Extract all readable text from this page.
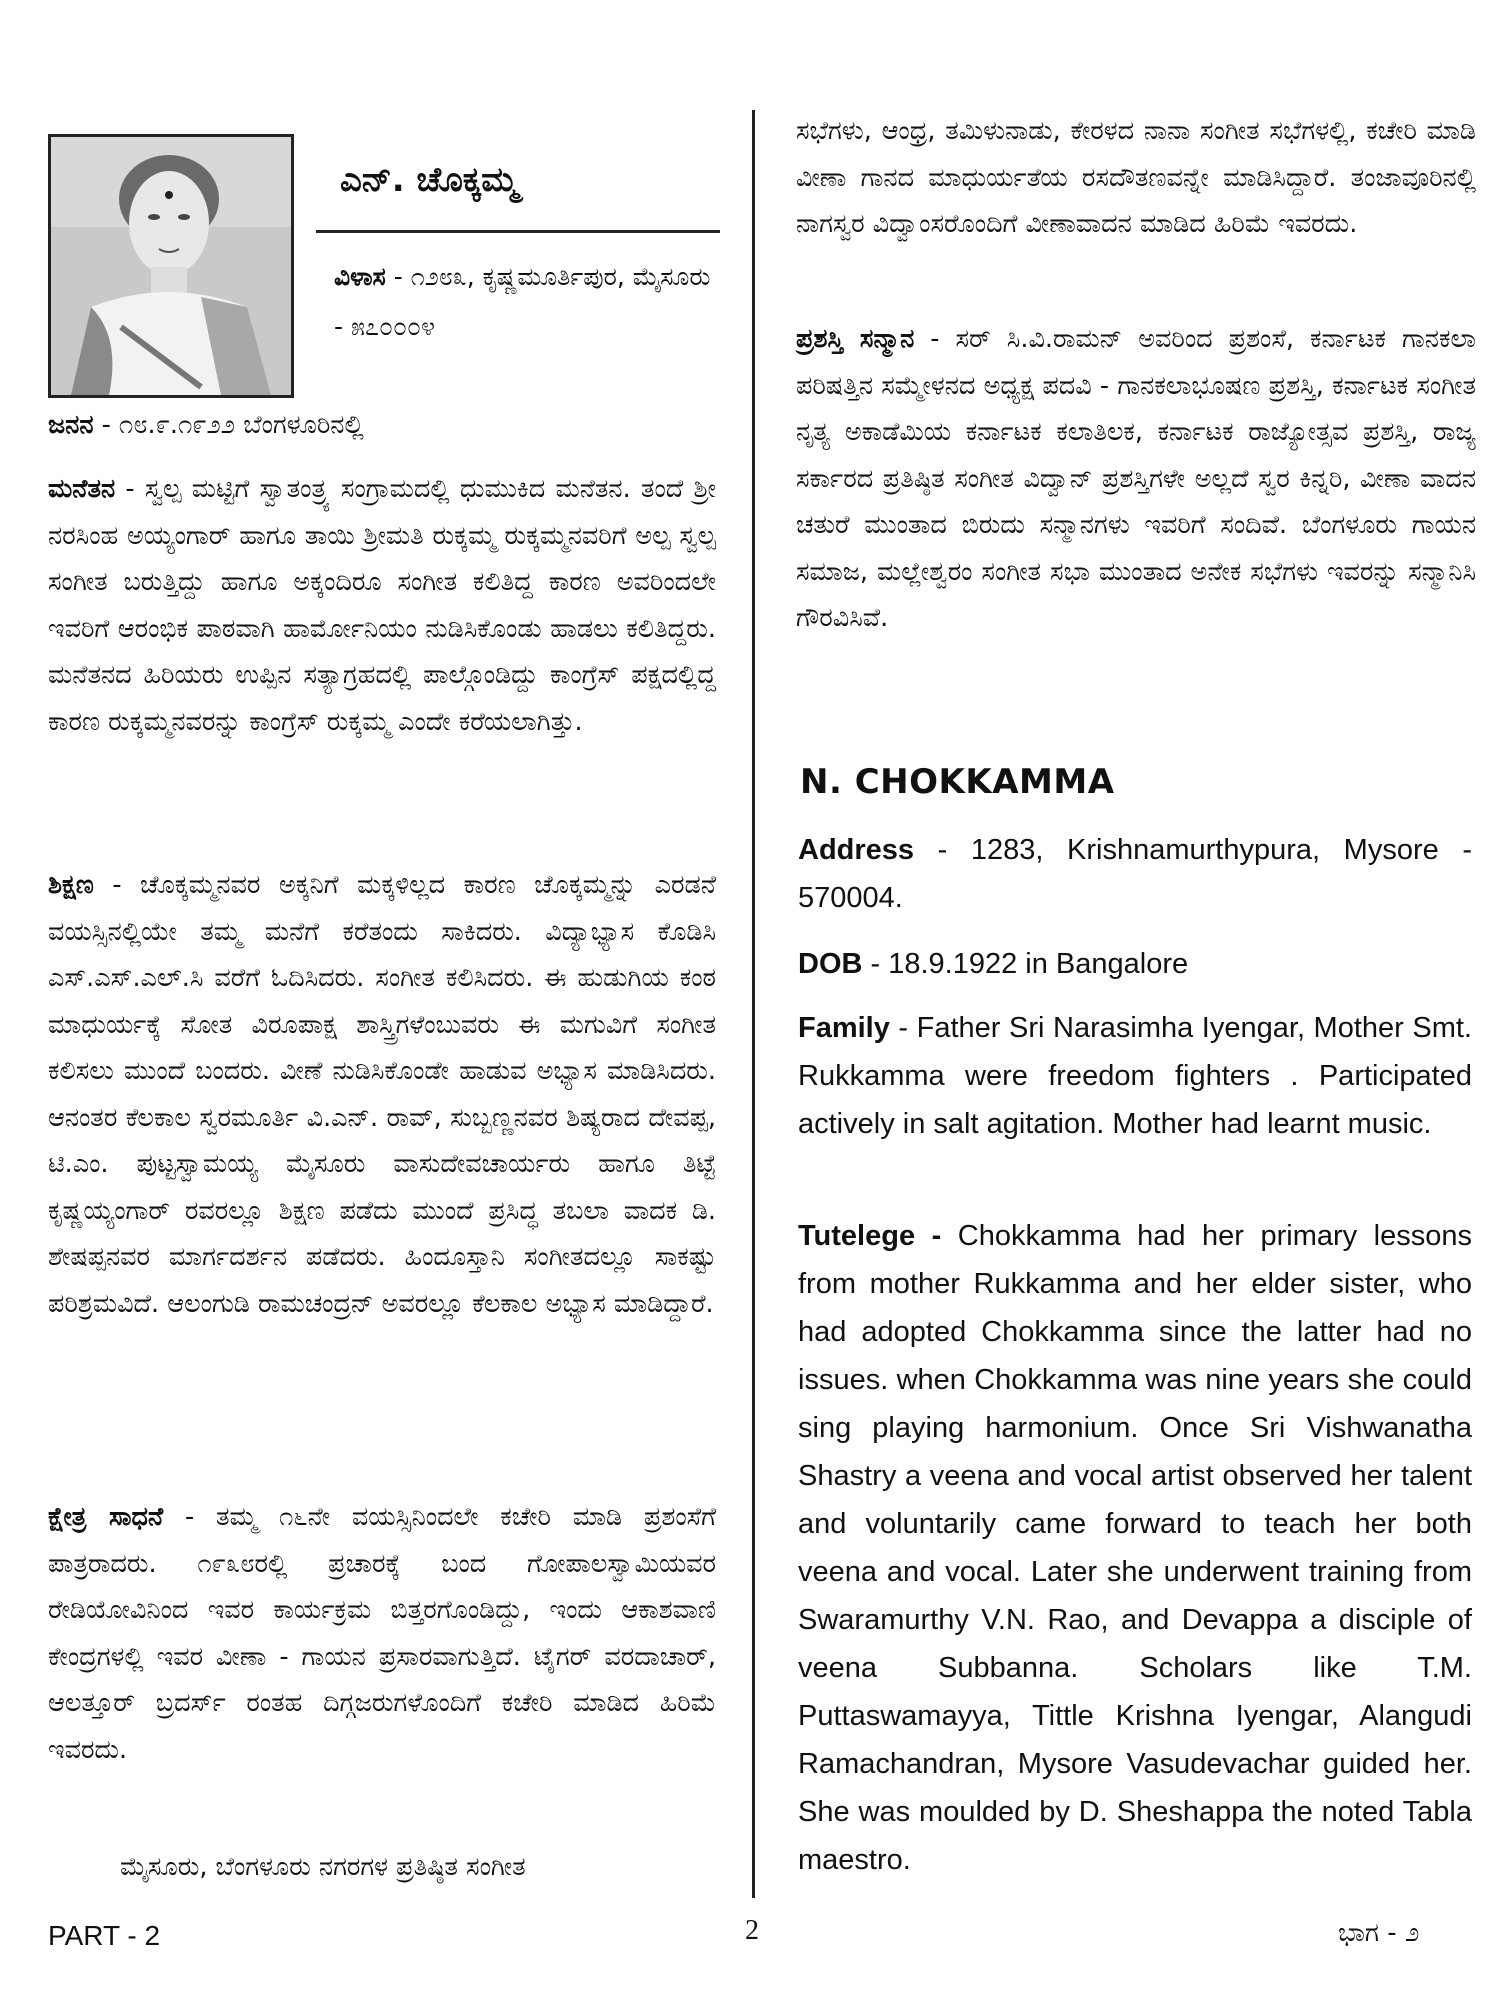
ಎನ್. ಚೊಕ್ಕಮ್ಮ
ವಿಳಾಸ - ೧೨೮೩, ಕೃಷ್ಣಮೂರ್ತಿಪುರ, ಮೈಸೂರು - ೫೭೦೦೦೪
ಜನನ - ೧೮.೯.೧೯೨೨ ಬೆಂಗಳೂರಿನಲ್ಲಿ
ಮನೆತನ - ಸ್ವಲ್ಪ ಮಟ್ಟಿಗೆ ಸ್ವಾತಂತ್ರ್ಯ ಸಂಗ್ರಾಮದಲ್ಲಿ ಧುಮುಕಿದ ಮನೆತನ. ತಂದೆ ಶ್ರೀ ನರಸಿಂಹ ಅಯ್ಯಂಗಾರ್ ಹಾಗೂ ತಾಯಿ ಶ್ರೀಮತಿ ರುಕ್ಕಮ್ಮ ರುಕ್ಕಮ್ಮನವರಿಗೆ ಅಲ್ಪ ಸ್ವಲ್ಪ ಸಂಗೀತ ಬರುತ್ತಿದ್ದು ಹಾಗೂ ಅಕ್ಕಂದಿರೂ ಸಂಗೀತ ಕಲಿತಿದ್ದ ಕಾರಣ ಅವರಿಂದಲೇ ಇವರಿಗೆ ಆರಂಭಿಕ ಪಾಠವಾಗಿ ಹಾರ್ಮೋನಿಯಂ ನುಡಿಸಿಕೊಂಡು ಹಾಡಲು ಕಲಿತಿದ್ದರು. ಮನೆತನದ ಹಿರಿಯರು ಉಪ್ಪಿನ ಸತ್ಯಾಗ್ರಹದಲ್ಲಿ ಪಾಲ್ಗೊಂಡಿದ್ದು ಕಾಂಗ್ರೆಸ್ ಪಕ್ಷದಲ್ಲಿದ್ದ ಕಾರಣ ರುಕ್ಕಮ್ಮನವರನ್ನು ಕಾಂಗ್ರೆಸ್ ರುಕ್ಕಮ್ಮ ಎಂದೇ ಕರೆಯಲಾಗಿತ್ತು.
ಶಿಕ್ಷಣ - ಚೊಕ್ಕಮ್ಮನವರ ಅಕ್ಕನಿಗೆ ಮಕ್ಕಳಿಲ್ಲದ ಕಾರಣ ಚೊಕ್ಕಮ್ಮನ್ನು ಎರಡನೆ ವಯಸ್ಸಿನಲ್ಲಿಯೇ ತಮ್ಮ ಮನೆಗೆ ಕರೆತಂದು ಸಾಕಿದರು. ವಿದ್ಯಾಭ್ಯಾಸ ಕೊಡಿಸಿ ಎಸ್.ಎಸ್.ಎಲ್.ಸಿ ವರೆಗೆ ಓದಿಸಿದರು. ಸಂಗೀತ ಕಲಿಸಿದರು. ಈ ಹುಡುಗಿಯ ಕಂಠ ಮಾಧುರ್ಯಕ್ಕೆ ಸೋತ ವಿರೂಪಾಕ್ಷ ಶಾಸ್ತ್ರಿಗಳೆಂಬುವರು ಈ ಮಗುವಿಗೆ ಸಂಗೀತ ಕಲಿಸಲು ಮುಂದೆ ಬಂದರು. ವೀಣೆ ನುಡಿಸಿಕೊಂಡೇ ಹಾಡುವ ಅಭ್ಯಾಸ ಮಾಡಿಸಿದರು. ಆನಂತರ ಕೆಲಕಾಲ ಸ್ವರಮೂರ್ತಿ ವಿ.ಎನ್. ರಾವ್, ಸುಬ್ಬಣ್ಣನವರ ಶಿಷ್ಯರಾದ ದೇವಪ್ಪ, ಟಿ.ಎಂ. ಪುಟ್ಟಸ್ವಾಮಯ್ಯ ಮೈಸೂರು ವಾಸುದೇವಚಾರ್ಯರು ಹಾಗೂ ತಿಟ್ಟೆ ಕೃಷ್ಣಯ್ಯಂಗಾರ್ ರವರಲ್ಲೂ ಶಿಕ್ಷಣ ಪಡೆದು ಮುಂದೆ ಪ್ರಸಿದ್ಧ ತಬಲಾ ವಾದಕ ಡಿ. ಶೇಷಪ್ಪನವರ ಮಾರ್ಗದರ್ಶನ ಪಡೆದರು. ಹಿಂದೂಸ್ತಾನಿ ಸಂಗೀತದಲ್ಲೂ ಸಾಕಷ್ಟು ಪರಿಶ್ರಮವಿದೆ. ಆಲಂಗುಡಿ ರಾಮಚಂದ್ರನ್ ಅವರಲ್ಲೂ ಕೆಲಕಾಲ ಅಭ್ಯಾಸ ಮಾಡಿದ್ದಾರೆ.
ಕ್ಷೇತ್ರ ಸಾಧನೆ - ತಮ್ಮ ೧೬ನೇ ವಯಸ್ಸಿನಿಂದಲೇ ಕಚೇರಿ ಮಾಡಿ ಪ್ರಶಂಸೆಗೆ ಪಾತ್ರರಾದರು. ೧೯೩೮ರಲ್ಲಿ ಪ್ರಚಾರಕ್ಕೆ ಬಂದ ಗೋಪಾಲಸ್ವಾಮಿಯವರ ರೇಡಿಯೋವಿನಿಂದ ಇವರ ಕಾರ್ಯಕ್ರಮ ಬಿತ್ತರಗೊಂಡಿದ್ದು, ಇಂದು ಆಕಾಶವಾಣಿ ಕೇಂದ್ರಗಳಲ್ಲಿ ಇವರ ವೀಣಾ - ಗಾಯನ ಪ್ರಸಾರವಾಗುತ್ತಿದೆ. ಟೈಗರ್ ವರದಾಚಾರ್, ಆಲತ್ತೂರ್ ಬ್ರದರ್ಸ್ ರಂತಹ ದಿಗ್ಗಜರುಗಳೊಂದಿಗೆ ಕಚೇರಿ ಮಾಡಿದ ಹಿರಿಮೆ ಇವರದು.
ಮೈಸೂರು, ಬೆಂಗಳೂರು ನಗರಗಳ ಪ್ರತಿಷ್ಠಿತ ಸಂಗೀತ
ಸಭೆಗಳು, ಆಂಧ್ರ, ತಮಿಳುನಾಡು, ಕೇರಳದ ನಾನಾ ಸಂಗೀತ ಸಭೆಗಳಲ್ಲಿ, ಕಚೇರಿ ಮಾಡಿ ವೀಣಾ ಗಾನದ ಮಾಧುರ್ಯತೆಯ ರಸದೌತಣವನ್ನೇ ಮಾಡಿಸಿದ್ದಾರೆ. ತಂಜಾವೂರಿನಲ್ಲಿ ನಾಗಸ್ವರ ವಿದ್ವಾಂಸರೊಂದಿಗೆ ವೀಣಾವಾದನ ಮಾಡಿದ ಹಿರಿಮೆ ಇವರದು.
ಪ್ರಶಸ್ತಿ ಸನ್ಮಾನ - ಸರ್ ಸಿ.ವಿ.ರಾಮನ್ ಅವರಿಂದ ಪ್ರಶಂಸೆ, ಕರ್ನಾಟಕ ಗಾನಕಲಾ ಪರಿಷತ್ತಿನ ಸಮ್ಮೇಳನದ ಅಧ್ಯಕ್ಷ ಪದವಿ - ಗಾನಕಲಾಭೂಷಣ ಪ್ರಶಸ್ತಿ, ಕರ್ನಾಟಕ ಸಂಗೀತ ನೃತ್ಯ ಅಕಾಡೆಮಿಯ ಕರ್ನಾಟಕ ಕಲಾತಿಲಕ, ಕರ್ನಾಟಕ ರಾಜ್ಯೋತ್ಸವ ಪ್ರಶಸ್ತಿ, ರಾಜ್ಯ ಸರ್ಕಾರದ ಪ್ರತಿಷ್ಠಿತ ಸಂಗೀತ ವಿದ್ವಾನ್ ಪ್ರಶಸ್ತಿಗಳೇ ಅಲ್ಲದೆ ಸ್ವರ ಕಿನ್ನರಿ, ವೀಣಾ ವಾದನ ಚತುರೆ ಮುಂತಾದ ಬಿರುದು ಸನ್ಮಾನಗಳು ಇವರಿಗೆ ಸಂದಿವೆ. ಬೆಂಗಳೂರು ಗಾಯನ ಸಮಾಜ, ಮಲ್ಲೇಶ್ವರಂ ಸಂಗೀತ ಸಭಾ ಮುಂತಾದ ಅನೇಕ ಸಭೆಗಳು ಇವರನ್ನು ಸನ್ಮಾನಿಸಿ ಗೌರವಿಸಿವೆ.
N. CHOKKAMMA
Address - 1283, Krishnamurthypura, Mysore - 570004.
DOB - 18.9.1922 in Bangalore
Family - Father Sri Narasimha Iyengar, Mother Smt. Rukkamma were freedom fighters . Participated actively in salt agitation. Mother had learnt music.
Tutelege - Chokkamma had her primary lessons from mother Rukkamma and her elder sister, who had adopted Chokkamma since the latter had no issues. when Chokkamma was nine years she could sing playing harmonium. Once Sri Vishwanatha Shastry a veena and vocal artist observed her talent and voluntarily came forward to teach her both veena and vocal. Later she underwent training from Swaramurthy V.N. Rao, and Devappa a disciple of veena Subbanna. Scholars like T.M. Puttaswamayya, Tittle Krishna Iyengar, Alangudi Ramachandran, Mysore Vasudevachar guided her. She was moulded by D. Sheshappa the noted Tabla maestro.
PART - 2	2	ಭಾಗ - ೨
